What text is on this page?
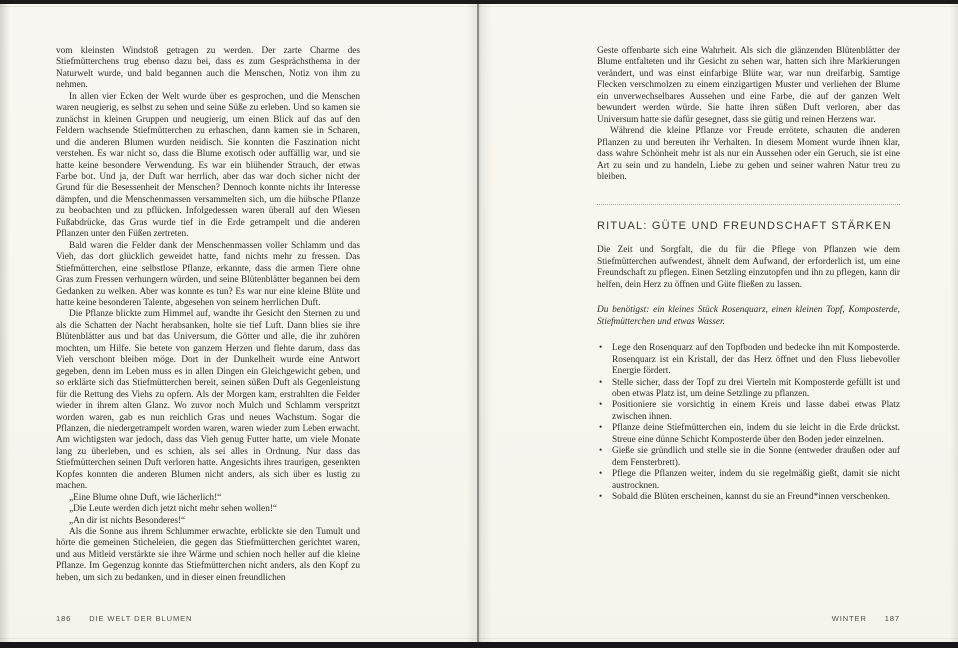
vom kleinsten Windstoß getragen zu werden. Der zarte Charme des Stiefmütterchens trug ebenso dazu bei, dass es zum Gesprächsthema in der Naturwelt wurde, und bald begannen auch die Menschen, Notiz von ihm zu nehmen.

In allen vier Ecken der Welt wurde über es gesprochen, und die Menschen waren neugierig, es selbst zu sehen und seine Süße zu erleben. Und so kamen sie zunächst in kleinen Gruppen und neugierig, um einen Blick auf das auf den Feldern wachsende Stiefmütterchen zu erhaschen, dann kamen sie in Scharen, und die anderen Blumen wurden neidisch. Sie konnten die Faszination nicht verstehen. Es war nicht so, dass die Blume exotisch oder auffällig war, und sie hatte keine besondere Verwendung. Es war ein blühender Strauch, der etwas Farbe bot. Und ja, der Duft war herrlich, aber das war doch sicher nicht der Grund für die Besessenheit der Menschen? Dennoch konnte nichts ihr Interesse dämpfen, und die Menschenmassen versammelten sich, um die hübsche Pflanze zu beobachten und zu pflücken. Infolgedessen waren überall auf den Wiesen Fußabdrücke, das Gras wurde tief in die Erde getrampelt und die anderen Pflanzen unter den Füßen zertreten.

Bald waren die Felder dank der Menschenmassen voller Schlamm und das Vieh, das dort glücklich geweidet hatte, fand nichts mehr zu fressen. Das Stiefmütterchen, eine selbstlose Pflanze, erkannte, dass die armen Tiere ohne Gras zum Fressen verhungern würden, und seine Blütenblätter begannen bei dem Gedanken zu welken. Aber was konnte es tun? Es war nur eine kleine Blüte und hatte keine besonderen Talente, abgesehen von seinem herrlichen Duft.

Die Pflanze blickte zum Himmel auf, wandte ihr Gesicht den Sternen zu und als die Schatten der Nacht herabsanken, holte sie tief Luft. Dann blies sie ihre Blütenblätter aus und bat das Universum, die Götter und alle, die ihr zuhören mochten, um Hilfe. Sie betete von ganzem Herzen und flehte darum, dass das Vieh verschont bleiben möge. Dort in der Dunkelheit wurde eine Antwort gegeben, denn im Leben muss es in allen Dingen ein Gleichgewicht geben, und so erklärte sich das Stiefmütterchen bereit, seinen süßen Duft als Gegenleistung für die Rettung des Viehs zu opfern. Als der Morgen kam, erstrahlten die Felder wieder in ihrem alten Glanz. Wo zuvor noch Mulch und Schlamm verspritzt worden waren, gab es nun reichlich Gras und neues Wachstum. Sogar die Pflanzen, die niedergetrampelt worden waren, waren wieder zum Leben erwacht. Am wichtigsten war jedoch, dass das Vieh genug Futter hatte, um viele Monate lang zu überleben, und es schien, als sei alles in Ordnung. Nur dass das Stiefmütterchen seinen Duft verloren hatte. Angesichts ihres traurigen, gesenkten Kopfes konnten die anderen Blumen nicht anders, als sich über es lustig zu machen.

„Eine Blume ohne Duft, wie lächerlich!“

„Die Leute werden dich jetzt nicht mehr sehen wollen!“

„An dir ist nichts Besonderes!“

Als die Sonne aus ihrem Schlummer erwachte, erblickte sie den Tumult und hörte die gemeinen Sticheleien, die gegen das Stiefmütterchen gerichtet waren, und aus Mitleid verstärkte sie ihre Wärme und schien noch heller auf die kleine Pflanze. Im Gegenzug konnte das Stiefmütterchen nicht anders, als den Kopf zu heben, um sich zu bedanken, und in dieser einen freundlichen

Geste offenbarte sich eine Wahrheit. Als sich die glänzenden Blütenblätter der Blume entfalteten und ihr Gesicht zu sehen war, hatten sich ihre Markierungen verändert, und was einst einfarbige Blüte war, war nun dreifarbig. Samtige Flecken verschmolzen zu einem einzigartigen Muster und verliehen der Blume ein unverwechselbares Aussehen und eine Farbe, die auf der ganzen Welt bewundert werden würde. Sie hatte ihren süßen Duft verloren, aber das Universum hatte sie dafür gesegnet, dass sie gütig und reinen Herzens war.

Während die kleine Pflanze vor Freude errötete, schauten die anderen Pflanzen zu und bereuten ihr Verhalten. In diesem Moment wurde ihnen klar, dass wahre Schönheit mehr ist als nur ein Aussehen oder ein Geruch, sie ist eine Art zu sein und zu handeln, Liebe zu geben und seiner wahren Natur treu zu bleiben.

RITUAL: GÜTE UND FREUNDSCHAFT STÄRKEN

Die Zeit und Sorgfalt, die du für die Pflege von Pflanzen wie dem Stiefmütterchen aufwendest, ähnelt dem Aufwand, der erforderlich ist, um eine Freundschaft zu pflegen. Einen Setzling einzutopfen und ihn zu pflegen, kann dir helfen, dein Herz zu öffnen und Güte fließen zu lassen.

Du benötigst: ein kleines Stück Rosenquarz, einen kleinen Topf, Komposterde, Stiefmütterchen und etwas Wasser.

• Lege den Rosenquarz auf den Topfboden und bedecke ihn mit Komposterde. Rosenquarz ist ein Kristall, der das Herz öffnet und den Fluss liebevoller Energie fördert.
• Stelle sicher, dass der Topf zu drei Vierteln mit Komposterde gefüllt ist und oben etwas Platz ist, um deine Setzlinge zu pflanzen.
• Positioniere sie vorsichtig in einem Kreis und lasse dabei etwas Platz zwischen ihnen.
• Pflanze deine Stiefmütterchen ein, indem du sie leicht in die Erde drückst. Streue eine dünne Schicht Komposterde über den Boden jeder einzelnen.
• Gieße sie gründlich und stelle sie in die Sonne (entweder draußen oder auf dem Fensterbrett).
• Pflege die Pflanzen weiter, indem du sie regelmäßig gießt, damit sie nicht austrocknen.
• Sobald die Blüten erscheinen, kannst du sie an Freund*innen verschenken.
186 DIE WELT DER BLUMEN	WINTER 187
